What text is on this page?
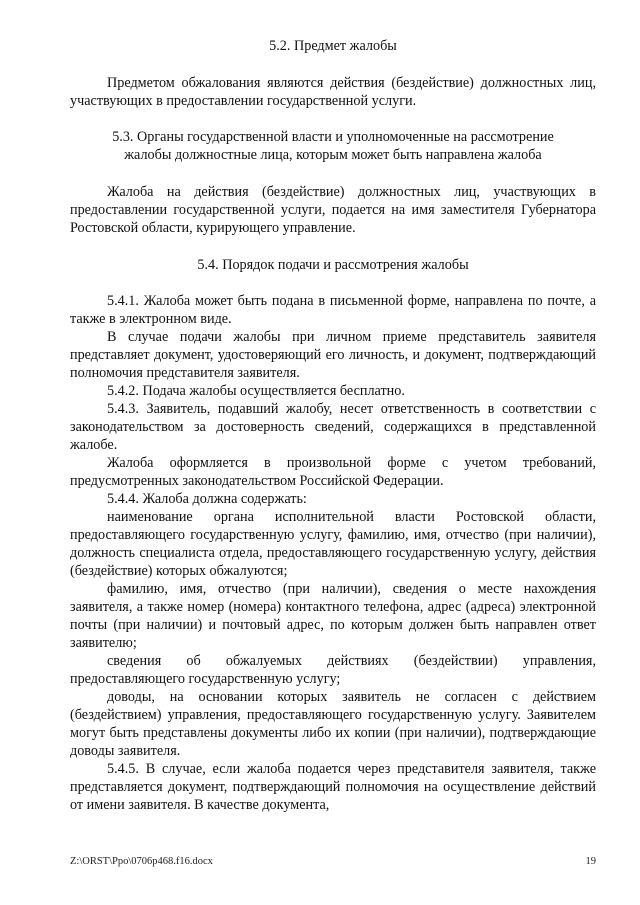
5.2. Предмет жалобы

Предметом обжалования являются действия (бездействие) должностных лиц, участвующих в предоставлении государственной услуги.

5.3. Органы государственной власти и уполномоченные на рассмотрение жалобы должностные лица, которым может быть направлена жалоба

Жалоба на действия (бездействие) должностных лиц, участвующих в предоставлении государственной услуги, подается на имя заместителя Губернатора Ростовской области, курирующего управление.

5.4. Порядок подачи и рассмотрения жалобы

5.4.1. Жалоба может быть подана в письменной форме, направлена по почте, а также в электронном виде.

В случае подачи жалобы при личном приеме представитель заявителя представляет документ, удостоверяющий его личность, и документ, подтверждающий полномочия представителя заявителя.

5.4.2. Подача жалобы осуществляется бесплатно.

5.4.3. Заявитель, подавший жалобу, несет ответственность в соответствии с законодательством за достоверность сведений, содержащихся в представленной жалобе.

Жалоба оформляется в произвольной форме с учетом требований, предусмотренных законодательством Российской Федерации.

5.4.4. Жалоба должна содержать:

наименование органа исполнительной власти Ростовской области, предоставляющего государственную услугу, фамилию, имя, отчество (при наличии), должность специалиста отдела, предоставляющего государственную услугу, действия (бездействие) которых обжалуются;

фамилию, имя, отчество (при наличии), сведения о месте нахождения заявителя, а также номер (номера) контактного телефона, адрес (адреса) электронной почты (при наличии) и почтовый адрес, по которым должен быть направлен ответ заявителю;

сведения об обжалуемых действиях (бездействии) управления, предоставляющего государственную услугу;

доводы, на основании которых заявитель не согласен с действием (бездействием) управления, предоставляющего государственную услугу. Заявителем могут быть представлены документы либо их копии (при наличии), подтверждающие доводы заявителя.

5.4.5. В случае, если жалоба подается через представителя заявителя, также представляется документ, подтверждающий полномочия на осуществление действий от имени заявителя. В качестве документа,

Z:\ORST\Ppo\0706p468.f16.docx	19
